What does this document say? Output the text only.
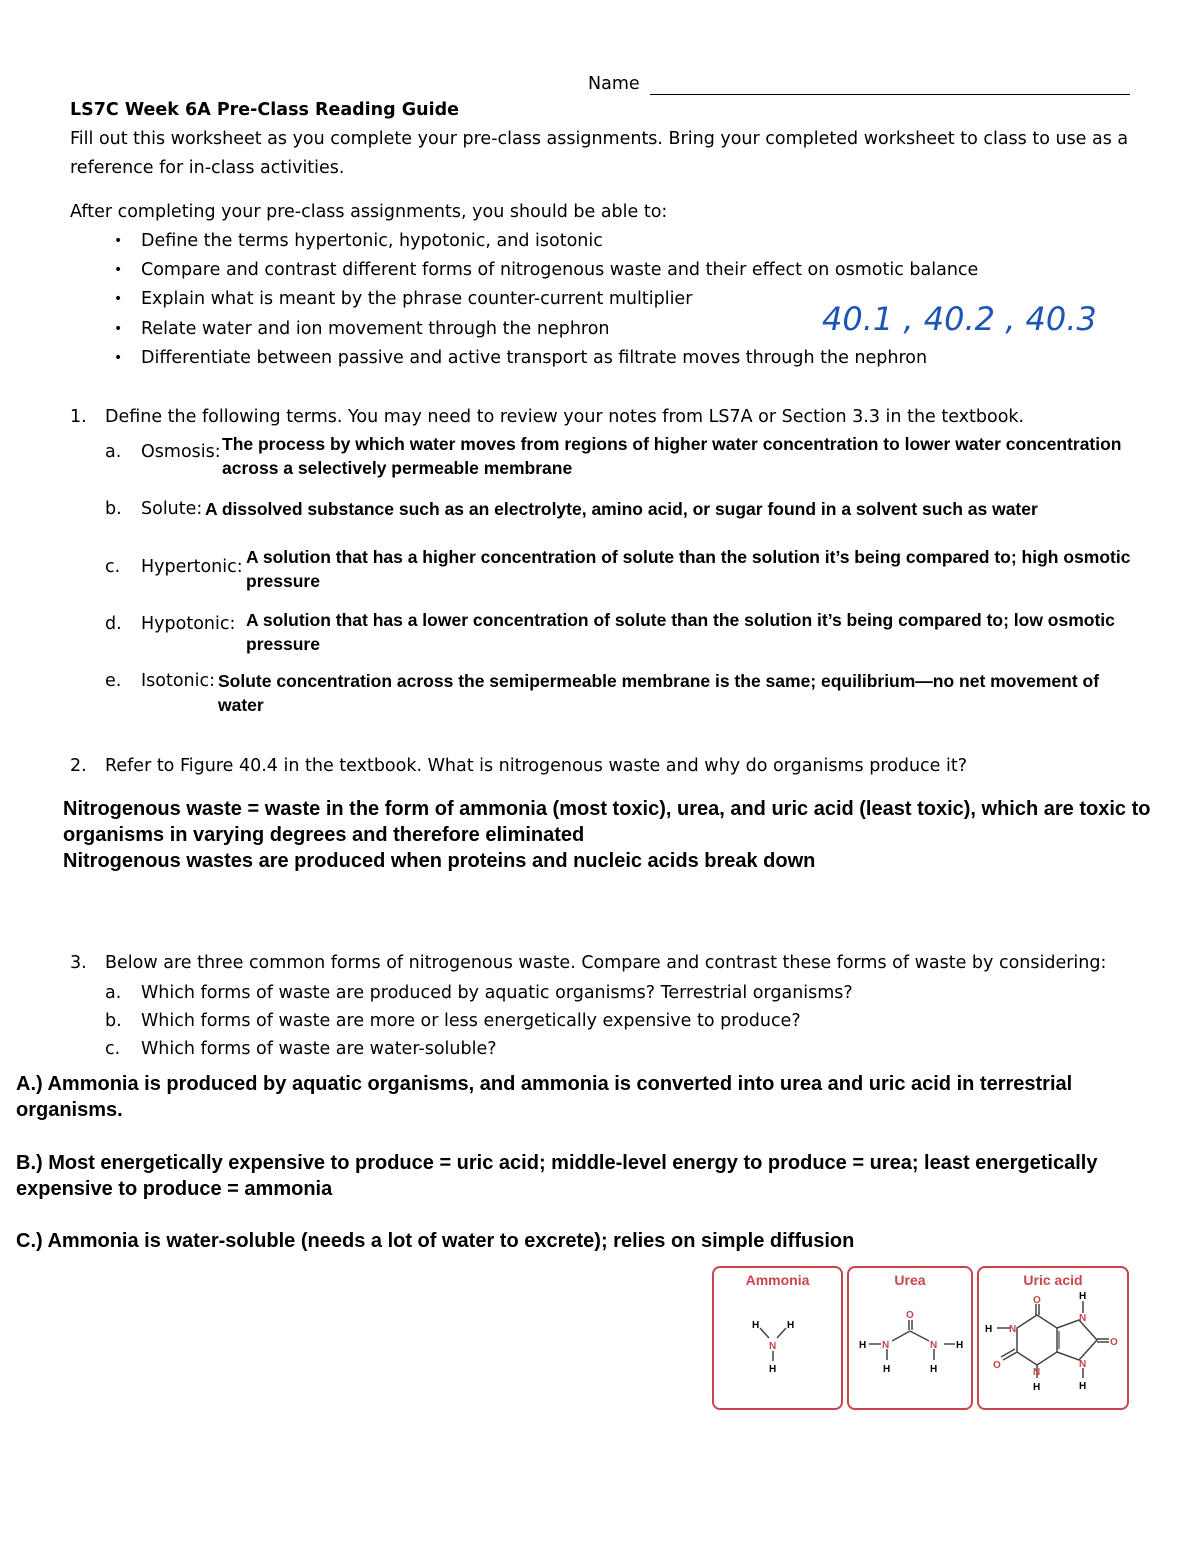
Name
LS7C Week 6A Pre-Class Reading Guide
Fill out this worksheet as you complete your pre-class assignments. Bring your completed worksheet to class to use as a
reference for in-class activities.
After completing your pre-class assignments, you should be able to:
• Define the terms hypertonic, hypotonic, and isotonic
• Compare and contrast different forms of nitrogenous waste and their effect on osmotic balance
• Explain what is meant by the phrase counter-current multiplier
• Relate water and ion movement through the nephron
• Differentiate between passive and active transport as filtrate moves through the nephron
40.1 , 40.2 , 40.3
1. Define the following terms. You may need to review your notes from LS7A or Section 3.3 in the textbook.
a. Osmosis: The process by which water moves from regions of higher water concentration to lower water concentration across a selectively permeable membrane
b. Solute: A dissolved substance such as an electrolyte, amino acid, or sugar found in a solvent such as water
c. Hypertonic: A solution that has a higher concentration of solute than the solution it’s being compared to; high osmotic pressure
d. Hypotonic: A solution that has a lower concentration of solute than the solution it’s being compared to; low osmotic pressure
e. Isotonic: Solute concentration across the semipermeable membrane is the same; equilibrium—no net movement of water
2. Refer to Figure 40.4 in the textbook. What is nitrogenous waste and why do organisms produce it?
Nitrogenous waste = waste in the form of ammonia (most toxic), urea, and uric acid (least toxic), which are toxic to organisms in varying degrees and therefore eliminated
Nitrogenous wastes are produced when proteins and nucleic acids break down
3. Below are three common forms of nitrogenous waste. Compare and contrast these forms of waste by considering:
a. Which forms of waste are produced by aquatic organisms? Terrestrial organisms?
b. Which forms of waste are more or less energetically expensive to produce?
c. Which forms of waste are water-soluble?
A.) Ammonia is produced by aquatic organisms, and ammonia is converted into urea and uric acid in terrestrial organisms.
B.) Most energetically expensive to produce = uric acid; middle-level energy to produce = urea; least energetically expensive to produce = ammonia
C.) Ammonia is water-soluble (needs a lot of water to excrete); relies on simple diffusion
Ammonia
H	H
N
H
Urea
O
H N	N H
H	H
Uric acid
O	H
N
H N
O
O	N
N
H	H
